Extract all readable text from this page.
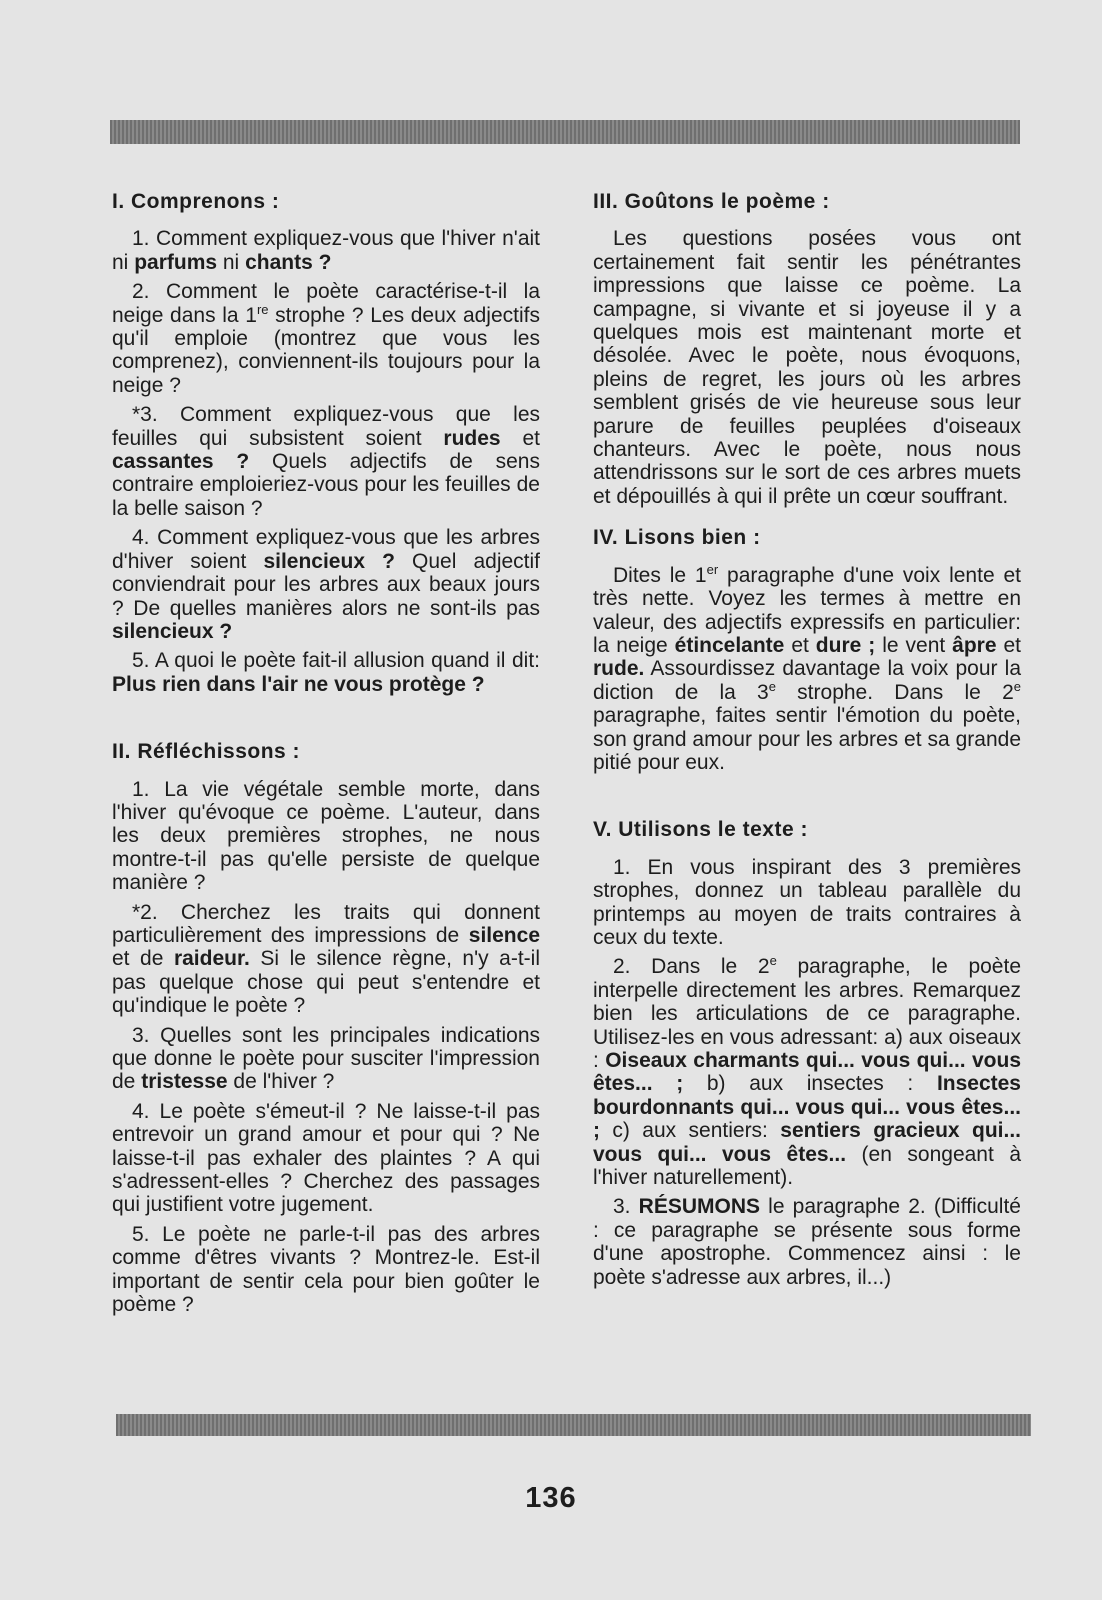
I. Comprenons :

1. Comment expliquez-vous que l'hiver n'ait ni parfums ni chants ?

2. Comment le poète caractérise-t-il la neige dans la 1re strophe ? Les deux adjectifs qu'il emploie (montrez que vous les comprenez), conviennent-ils toujours pour la neige ?

*3. Comment expliquez-vous que les feuilles qui subsistent soient rudes et cassantes ? Quels adjectifs de sens contraire emploieriez-vous pour les feuilles de la belle saison ?

4. Comment expliquez-vous que les arbres d'hiver soient silencieux ? Quel adjectif conviendrait pour les arbres aux beaux jours ? De quelles manières alors ne sont-ils pas silencieux ?

5. A quoi le poète fait-il allusion quand il dit: Plus rien dans l'air ne vous protège ?

II. Réfléchissons :

1. La vie végétale semble morte, dans l'hiver qu'évoque ce poème. L'auteur, dans les deux premières strophes, ne nous montre-t-il pas qu'elle persiste de quelque manière ?

*2. Cherchez les traits qui donnent particulièrement des impressions de silence et de raideur. Si le silence règne, n'y a-t-il pas quelque chose qui peut s'entendre et qu'indique le poète ?

3. Quelles sont les principales indications que donne le poète pour susciter l'impression de tristesse de l'hiver ?

4. Le poète s'émeut-il ? Ne laisse-t-il pas entrevoir un grand amour et pour qui ? Ne laisse-t-il pas exhaler des plaintes ? A qui s'adressent-elles ? Cherchez des passages qui justifient votre jugement.

5. Le poète ne parle-t-il pas des arbres comme d'êtres vivants ? Montrez-le. Est-il important de sentir cela pour bien goûter le poème ?

III. Goûtons le poème :

Les questions posées vous ont certainement fait sentir les pénétrantes impressions que laisse ce poème. La campagne, si vivante et si joyeuse il y a quelques mois est maintenant morte et désolée. Avec le poète, nous évoquons, pleins de regret, les jours où les arbres semblent grisés de vie heureuse sous leur parure de feuilles peuplées d'oiseaux chanteurs. Avec le poète, nous nous attendrissons sur le sort de ces arbres muets et dépouillés à qui il prête un cœur souffrant.

IV. Lisons bien :

Dites le 1er paragraphe d'une voix lente et très nette. Voyez les termes à mettre en valeur, des adjectifs expressifs en particulier: la neige étincelante et dure ; le vent âpre et rude. Assourdissez davantage la voix pour la diction de la 3e strophe. Dans le 2e paragraphe, faites sentir l'émotion du poète, son grand amour pour les arbres et sa grande pitié pour eux.

V. Utilisons le texte :

1. En vous inspirant des 3 premières strophes, donnez un tableau parallèle du printemps au moyen de traits contraires à ceux du texte.

2. Dans le 2e paragraphe, le poète interpelle directement les arbres. Remarquez bien les articulations de ce paragraphe. Utilisez-les en vous adressant: a) aux oiseaux : Oiseaux charmants qui... vous qui... vous êtes... ; b) aux insectes : Insectes bourdonnants qui... vous qui... vous êtes... ; c) aux sentiers: sentiers gracieux qui... vous qui... vous êtes... (en songeant à l'hiver naturellement).

3. RÉSUMONS le paragraphe 2. (Difficulté : ce paragraphe se présente sous forme d'une apostrophe. Commencez ainsi : le poète s'adresse aux arbres, il...)

136
